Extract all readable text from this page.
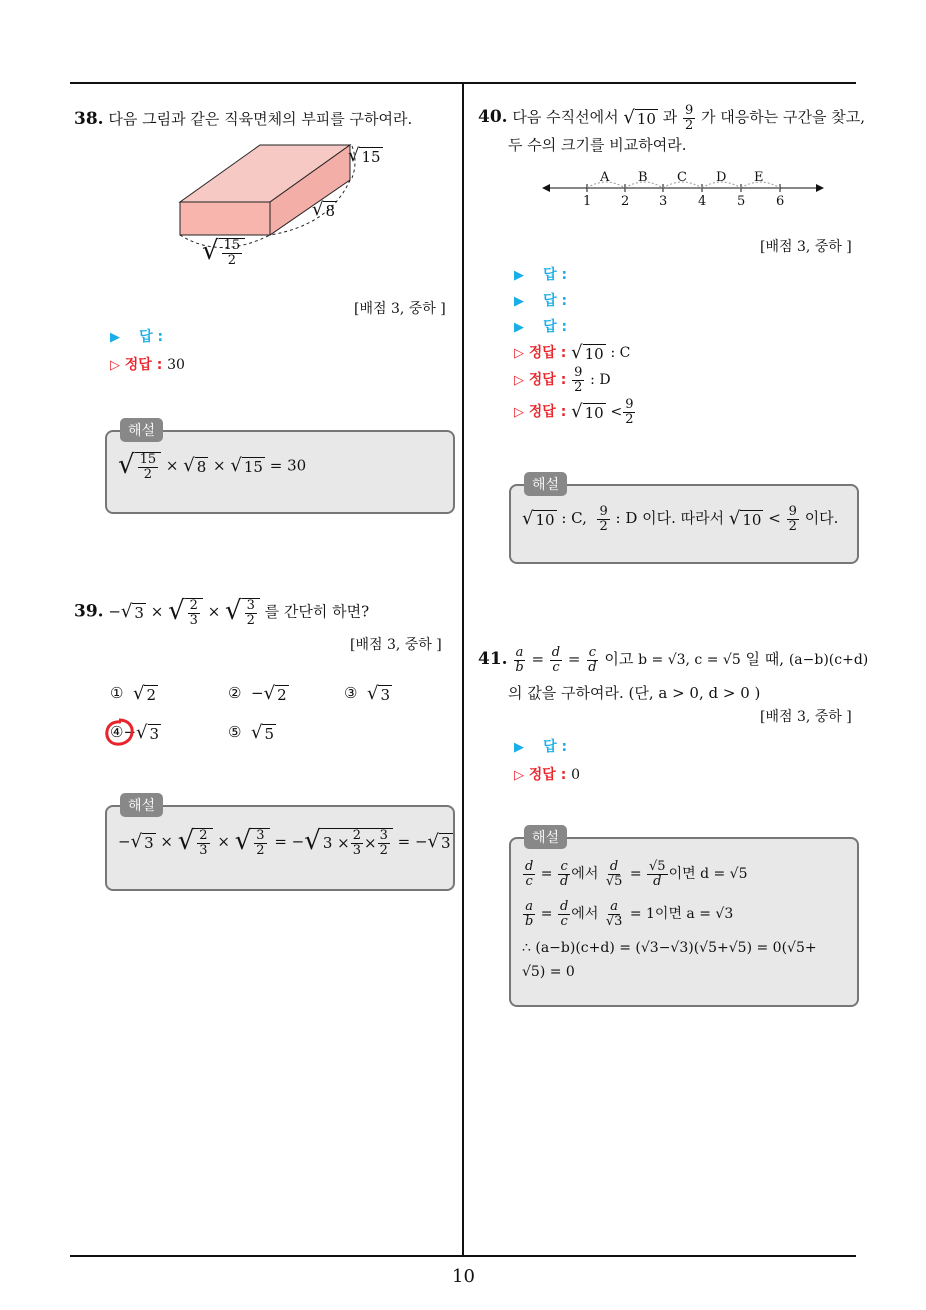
10
38. 다음 그림과 같은 직육면체의 부피를 구하여라.
√ 15
√ 8
√ $\frac{15}{2}$
[배점 3, 중하 ]
▶ 답 :
▷ 정답 : 30
해설
√ $\frac{15}{2}$ × √ 8 × √ 15 = 30
39. − √ 3 × √ $\frac{2}{3}$ × √ $\frac{3}{2}$ 를 간단히 하면?
[배점 3, 중하 ]
① √ 2	② − √ 2	③ √ 3
④− √ 3	⑤ √ 5
해설
− √ 3 × √ $\frac{2}{3}$ × √ $\frac{3}{2}$ = − √ $3 \times \frac{2}{3} \times \frac{3}{2}$ = − √ 3
40. 다음 수직선에서 √ 10 과 $\frac{9}{2}$ 가 대응하는 구간을 찾고,
두 수의 크기를 비교하여라.
A B C D E
1 2 3 4 5 6
[배점 3, 중하 ]
▶ 답 :
▶ 답 :
▶ 답 :
▷ 정답 : √ 10 : C
▷ 정답 : $\frac{9}{2}$ : D
▷ 정답 : √ $10 < \frac{9}{2}$
해설
√ 10 : C, $\frac{9}{2}$ : D 이다. 따라서 √ $10 < \frac{9}{2}$ 이다.
41. $\frac{a}{b} = \frac{d}{c} = \frac{c}{d}$ 이고 b = √3, c = √5 일 때, (a−b)(c+d)
의 값을 구하여라. (단, a > 0, d > 0 )
[배점 3, 중하 ]
▶ 답 :
▷ 정답 : 0
해설
$\frac{d}{c} = \frac{c}{d}$ 에서 $\frac{d}{√5} = \frac{√5}{d}$ 이면 d = √5
$\frac{a}{b} = \frac{d}{c}$ 에서 $\frac{a}{√3} = 1$이면 a = √3
∴ (a−b)(c+d) = (√3−√3)(√5+√5) = 0(√5+
√5) = 0
